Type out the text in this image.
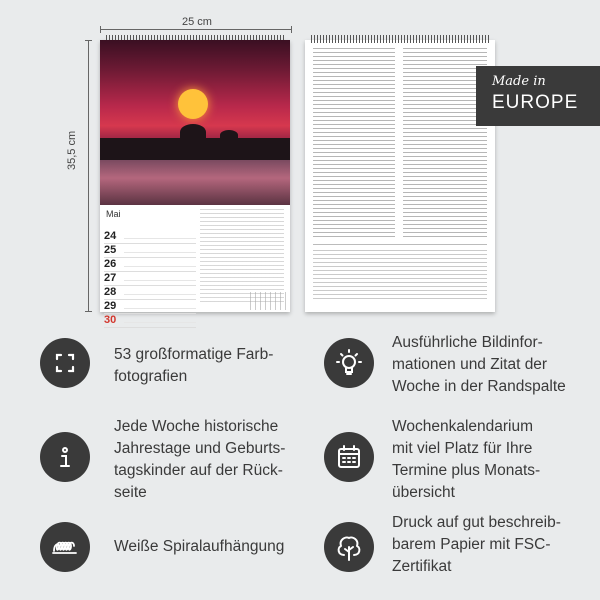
25 cm
35,5 cm
Mai
24
25
26
27
28
29
30
Made in
EUROPE
53 großformatige Farb-
fotografien
Ausführliche Bildinfor-
mationen und Zitat der
Woche in der Randspalte
Jede Woche historische
Jahrestage und Geburts-
tagskinder auf der Rück-
seite
Wochenkalendarium
mit viel Platz für Ihre
Termine plus Monats-
übersicht
Weiße Spiralaufhängung
Druck auf gut beschreib-
barem Papier mit FSC-
Zertifikat
